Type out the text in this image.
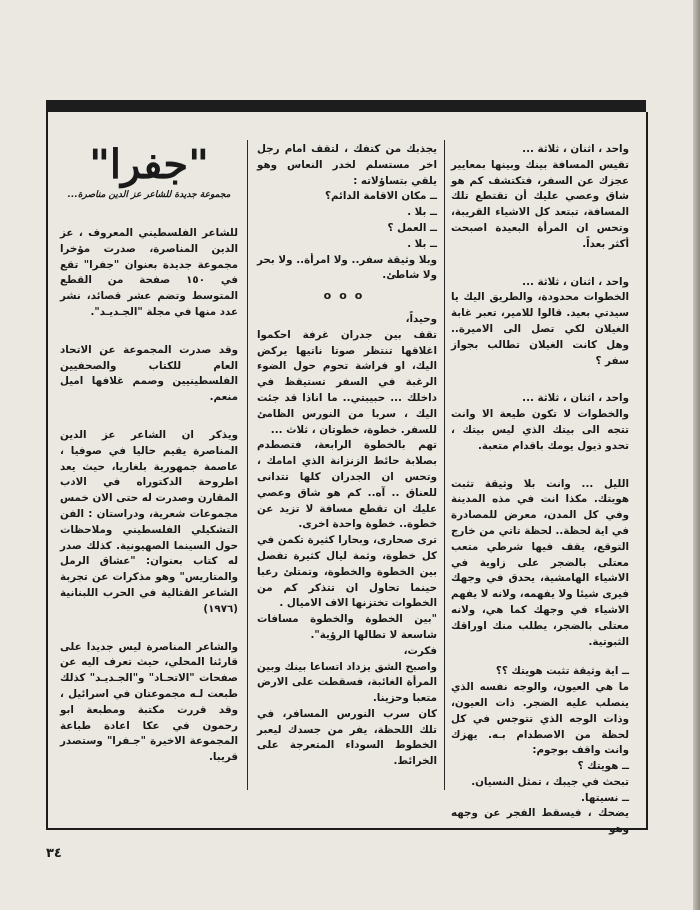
واحد ، اثنان ، ثلاثة ...

تقيس المسافة بينك وبينها بمعايير عجزك عن السفر، فتكتشف كم هو شاق وعصي عليك أن تقتطع تلك المسافة، تبتعد كل الاشياء القريبة، وتحس ان المرأة البعيدة اصبحت أكثر بعداً.

واحد ، اثنان ، ثلاثة ...

الخطوات محدودة، والطريق اليك يا سيدتي بعيد. قالوا للامير، تعبر غابة الغيلان لكي تصل الى الاميرة.. وهل كانت الغيلان تطالب بجواز سفر ؟

واحد ، اثنان ، ثلاثة ...

والخطوات لا تكون طيعة الا وانت تتجه الى بيتك الذي ليس بيتك ، تحدو ذيول يومك باقدام متعبة.

الليل ... وانت بلا وثيقة تثبت هويتك. مكذا انت في مذه المدينة وفي كل المدن، معرض للمصادرة في اية لحظة.. لحظة تاتي من خارج التوقع، يقف فيها شرطي متعب معتلى بالضجر على زاوية في الاشياء الهامشية، يحدق في وجهك فيرى شيئا ولا يفهمه، ولانه لا يفهم الاشياء في وجهك كما هي، ولانه معتلى بالضجر، يطلب منك اوراقك الثبوتية.

ــ اية وثيقة تثبت هويتك ؟؟

ما هي العيون، والوجه نفسه الذي ينصلب عليه الضجر. ذات العيون، وذات الوجه الذي تتوجس في كل لحظة من الاصطدام بـه. يهزك وانت واقف بوجوم:

ــ هويتك ؟

تبحث في جيبك ، تمثل النسيان.

ــ نسيتها.

يضحك ، فيسقط الفجر عن وجهه وهو

يجذبك من كتفك ، لتقف امام رجل اخر مستسلم لخدر النعاس وهو يلقي بتساؤلاته :

ــ مكان الاقامة الدائم؟

ــ بلا .

ــ العمل ؟

ــ بلا .

وبلا وثيقة سفر.. ولا امرأة.. ولا بحر ولا شاطئ.

ooo

وحيداً،

تقف بين جدران غرفة احكموا اغلاقها تنتظر صوتا ناتيها يركض اليك، او فراشة تحوم حول الضوء الرغبة في السفر تستيقظ في داخلك ... حبيبتي.. ما اناذا قد جئت اليك ، سربا من النورس الظامئ للسفر. خطوة، خطوتان ، ثلاث ...

تهم بالخطوة الرابعة، فتصطدم بصلابة حائط الزنزانة الذي امامك ، وتحس ان الجدران كلها تتدانى للعناق .. آه.. كم هو شاق وعصي عليك ان تقطع مسافة لا تزيد عن خطوة.. خطوة واحدة اخرى.

ترى صحارى، وبحارا كثيرة تكمن في كل خطوة، وثمة ليال كثيرة تفصل بين الخطوة والخطوة، وتمتلئ رعبا حينما تحاول ان تتذكر كم من الخطوات تختزنها الاف الاميال .

"بين الخطوة والخطوة مسافات شاسعة لا تطالها الرؤية".

فكرت،

واصبح الشق يزداد اتساعا بينك وبين المرأة الغائبة، فسقطت على الارض متعبا وحزينا.

كان سرب النورس المسافر، في تلك اللحظة، يفر من جسدك ليعبر الخطوط السوداء المتعرجة على الخرائط.

"جفرا"
مجموعة جديدة للشاعر عز الدين مناصرة...

للشاعر الفلسطيني المعروف ، عز الدين المناصرة، صدرت مؤخرا مجموعة جديدة بعنوان "جفرا" تقع في ١٥٠ صفحة من القطع المتوسط وتضم عشر قصائد، نشر عدد منها في مجلة "الجـديـد".

وقد صدرت المجموعة عن الاتحاد العام للكتاب والصحفيين الفلسطينيين وصمم غلافها اميل منعم.

ويذكر ان الشاعر عز الدين المناصرة يقيم حاليا في صوفيا ، عاصمة جمهورية بلغاريا، حيث يعد اطروحة الدكتوراه في الادب المقارن وصدرت له حتى الان خمس مجموعات شعرية، ودراستان : الفن التشكيلي الفلسطيني وملاحظات حول السينما الصهيونية. كذلك صدر له كتاب بعنوان: "عشاق الرمل والمتاريس" وهو مذكرات عن تجربة الشاعر القتالية في الحرب اللبنانية (١٩٧٦)

والشاعر المناصرة ليس جديدا على قارئنا المحلي، حيث تعرف اليه عن صفحات "الاتحـاد" و"الجـديـد" كذلك طبعت لـه مجموعتان في اسرائيل ، وقد قررت مكتبة ومطبعة ابو رحمون في عكا اعادة طباعة المجموعة الاخيرة "جـفرا" وستصدر قريبا.

٣٤
